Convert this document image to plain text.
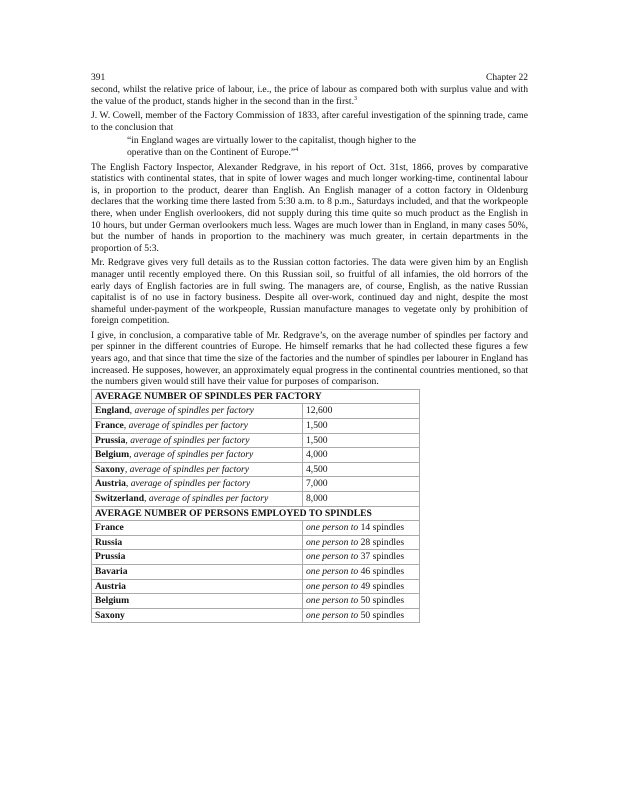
391	Chapter 22

second, whilst the relative price of labour, i.e., the price of labour as compared both with surplus value and with the value of the product, stands higher in the second than in the first.$^3$

J. W. Cowell, member of the Factory Commission of 1833, after careful investigation of the spinning trade, came to the conclusion that

“in England wages are virtually lower to the capitalist, though higher to the
operative than on the Continent of Europe.”$^4$

The English Factory Inspector, Alexander Redgrave, in his report of Oct. 31st, 1866, proves by comparative statistics with continental states, that in spite of lower wages and much longer working-time, continental labour is, in proportion to the product, dearer than English. An English manager of a cotton factory in Oldenburg declares that the working time there lasted from 5:30 a.m. to 8 p.m., Saturdays included, and that the workpeople there, when under English overlookers, did not supply during this time quite so much product as the English in 10 hours, but under German overlookers much less. Wages are much lower than in England, in many cases 50%, but the number of hands in proportion to the machinery was much greater, in certain departments in the proportion of 5:3.

Mr. Redgrave gives very full details as to the Russian cotton factories. The data were given him by an English manager until recently employed there. On this Russian soil, so fruitful of all infamies, the old horrors of the early days of English factories are in full swing. The managers are, of course, English, as the native Russian capitalist is of no use in factory business. Despite all over-work, continued day and night, despite the most shameful under-payment of the workpeople, Russian manufacture manages to vegetate only by prohibition of foreign competition.

I give, in conclusion, a comparative table of Mr. Redgrave’s, on the average number of spindles per factory and per spinner in the different countries of Europe. He himself remarks that he had collected these figures a few years ago, and that since that time the size of the factories and the number of spindles per labourer in England has increased. He supposes, however, an approximately equal progress in the continental countries mentioned, so that the numbers given would still have their value for purposes of comparison.

AVERAGE NUMBER OF SPINDLES PER FACTORY	
England, average of spindles per factory	12,600
France, average of spindles per factory	1,500
Prussia, average of spindles per factory	1,500
Belgium, average of spindles per factory	4,000
Saxony, average of spindles per factory	4,500
Austria, average of spindles per factory	7,000
Switzerland, average of spindles per factory	8,000
AVERAGE NUMBER OF PERSONS EMPLOYED TO SPINDLES	
France	one person to 14 spindles
Russia	one person to 28 spindles
Prussia	one person to 37 spindles
Bavaria	one person to 46 spindles
Austria	one person to 49 spindles
Belgium	one person to 50 spindles
Saxony	one person to 50 spindles
